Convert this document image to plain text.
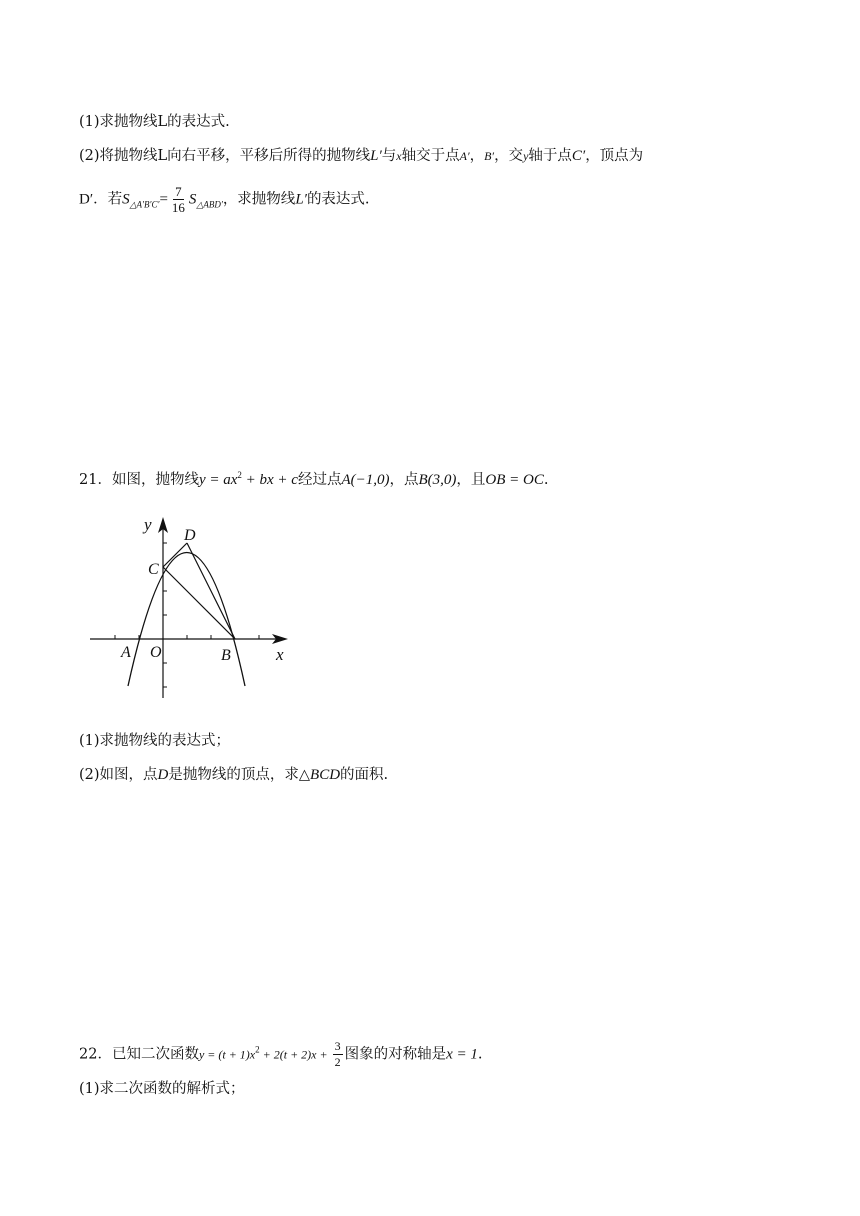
(1)求抛物线L的表达式.
(2)将抛物线L向右平移，平移后所得的抛物线L′与x轴交于点A′，B′，交y轴于点C′，顶点为
D′．若$S_{\triangle A'B'C'}= \frac{7}{16} S_{\triangle ABD'}$，求抛物线L′的表达式.
21．如图，抛物线$y = ax^2$ + bx + c经过点A(−1,0)，点B(3,0)，且OB = OC.
y
x
O
A	B
C
D
(1)求抛物线的表达式；
(2)如图，点D是抛物线的顶点，求△BCD的面积.
22．已知二次函数$y = (t + 1)x^2 + 2(t + 2)x + \frac{3}{2}$ 图象的对称轴是x = 1.
(1)求二次函数的解析式；
